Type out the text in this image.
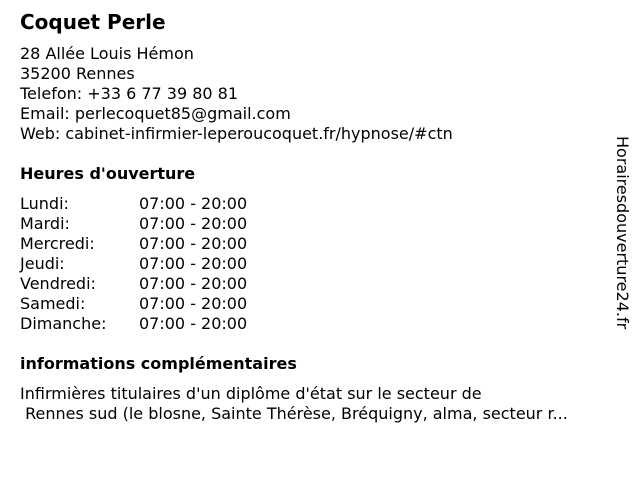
Coquet Perle
28 Allée Louis Hémon
35200 Rennes
Telefon: +33 6 77 39 80 81
Email: perlecoquet85@gmail.com
Web: cabinet-infirmier-leperoucoquet.fr/hypnose/#ctn
Heures d'ouverture
Lundi:	07:00 - 20:00
Mardi:	07:00 - 20:00
Mercredi:	07:00 - 20:00
Jeudi:	07:00 - 20:00
Vendredi:	07:00 - 20:00
Samedi:	07:00 - 20:00
Dimanche: 07:00 - 20:00
informations complémentaires
Infirmières titulaires d'un diplôme d'état sur le secteur de
Rennes sud (le blosne, Sainte Thérèse, Bréquigny, alma, secteur r...
Horairesdouverture24.fr
